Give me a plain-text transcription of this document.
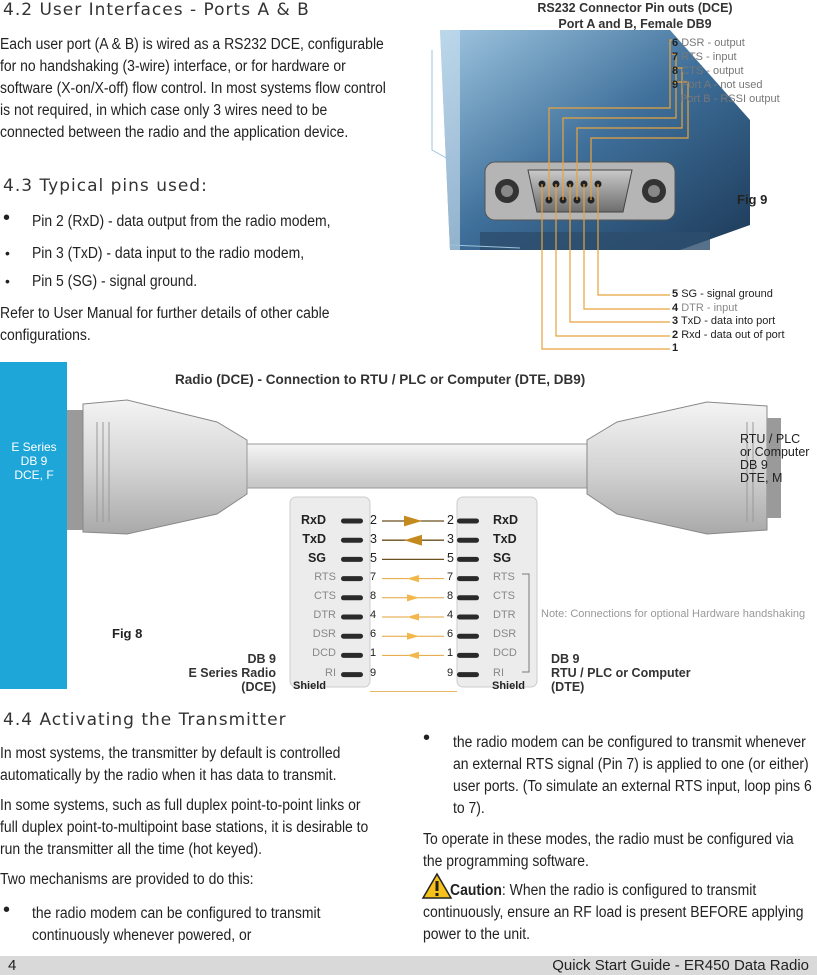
4.2 User Interfaces - Ports A & B
Each user port (A & B) is wired as a RS232 DCE, configurable for no handshaking (3-wire) interface, or for hardware or software (X-on/X-off) flow control. In most systems flow control is not required, in which case only 3 wires need to be connected between the radio and the application device.
4.3 Typical pins used:
• Pin 2 (RxD) - data output from the radio modem,
• Pin 3 (TxD) - data input to the radio modem,
• Pin 5 (SG) - signal ground.
Refer to User Manual for further details of other cable configurations.
RS232 Connector Pin outs (DCE)
Port A and B, Female DB9
6 DSR - output
7 RTS - input
8 CTS - output
9 Port A - not used
Port B - RSSI output
Fig 9
5 SG - signal ground
4 DTR - input
3 TxD - data into port
2 Rxd - data out of port
1
E Series
DB 9
DCE, F
Radio (DCE) - Connection to RTU / PLC or Computer (DTE, DB9)
RxD	2	2	RxD
TxD	3	3	TxD
SG	5	5	SG
RTS	7	7	RTS
CTS	8	8	CTS
DTR	4	4	DTR
DSR	6	6	DSR
DCD	1	1	DCD
RI	9	9	RI
RTU / PLC
or Computer
DB 9
DTE, M
Note: Connections for optional Hardware handshaking
Fig 8
DB 9
E Series Radio
(DCE)
DB 9
RTU / PLC or Computer
(DTE)
Shield	Shield
4.4 Activating the Transmitter
In most systems, the transmitter by default is controlled automatically by the radio when it has data to transmit.
In some systems, such as full duplex point-to-point links or full duplex point-to-multipoint base stations, it is desirable to run the transmitter all the time (hot keyed).
Two mechanisms are provided to do this:
• the radio modem can be configured to transmit continuously whenever powered, or
• the radio modem can be configured to transmit whenever an external RTS signal (Pin 7) is applied to one (or either) user ports. (To simulate an external RTS input, loop pins 6 to 7).
To operate in these modes, the radio must be configured via the programming software.
Caution: When the radio is configured to transmit continuously, ensure an RF load is present BEFORE applying power to the unit.
4	Quick Start Guide - ER450 Data Radio
